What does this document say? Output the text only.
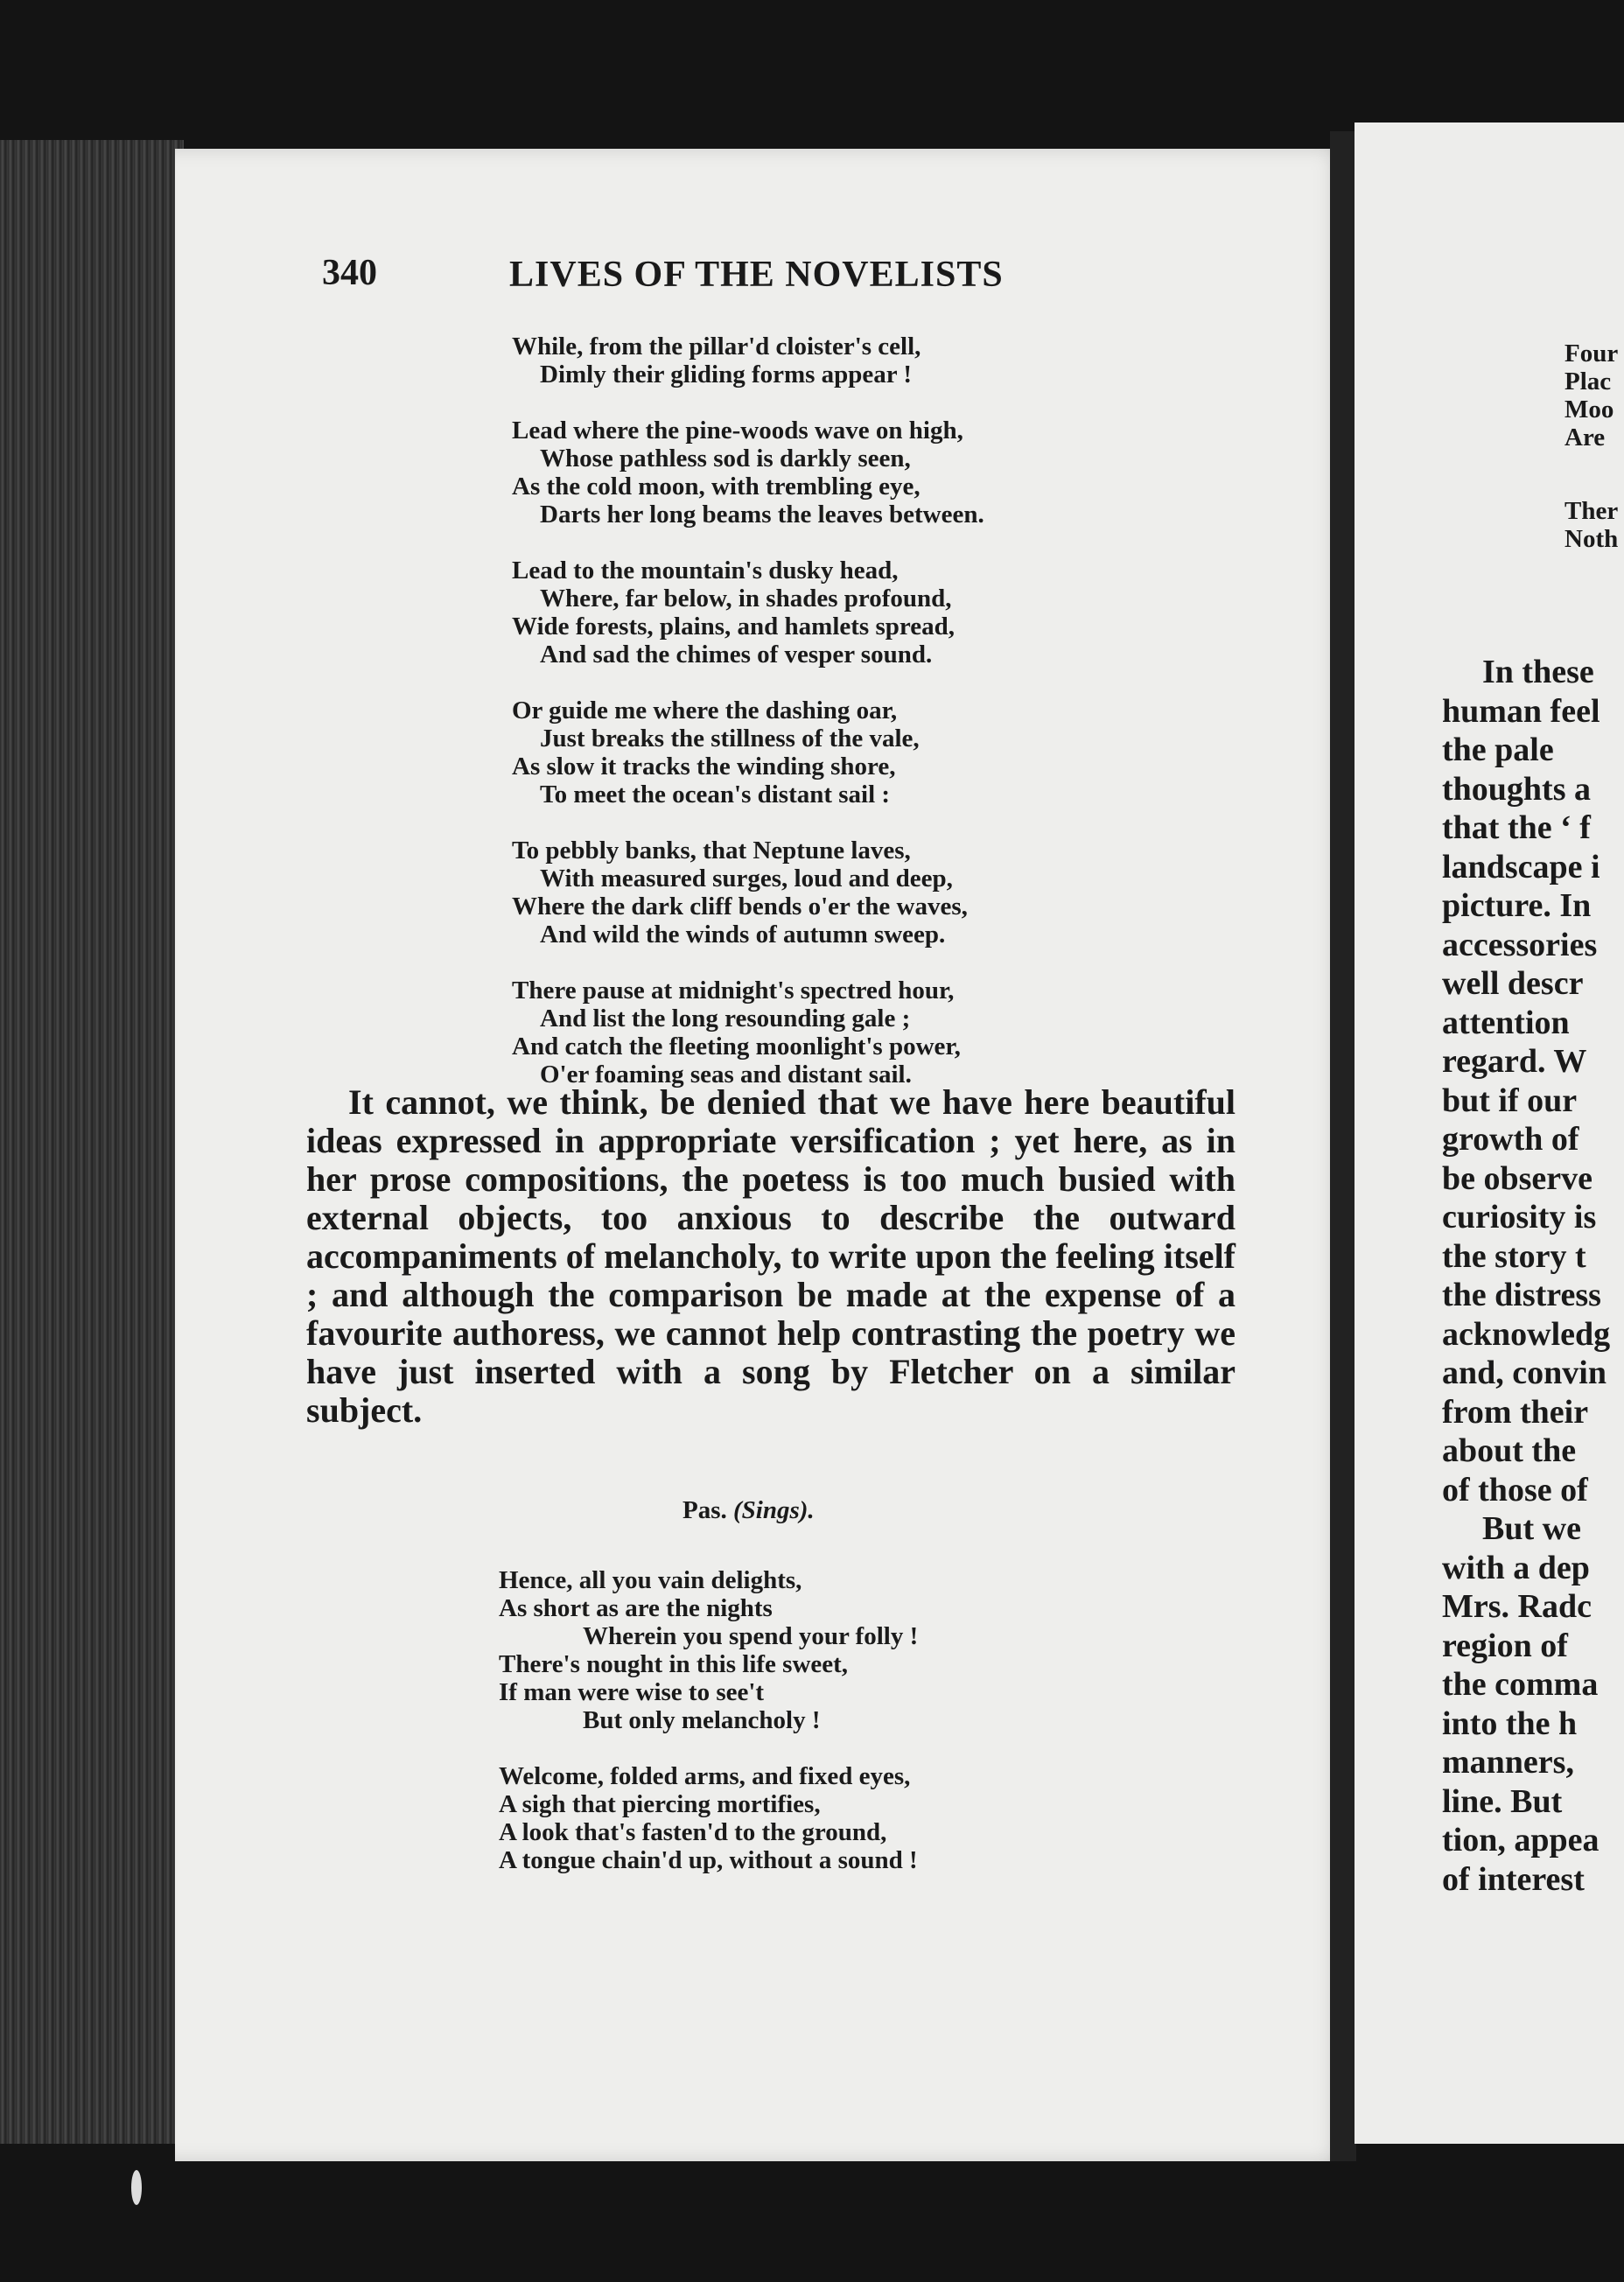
340	LIVES OF THE NOVELISTS
While, from the pillar'd cloister's cell,
Dimly their gliding forms appear !
Lead where the pine-woods wave on high,
Whose pathless sod is darkly seen,
As the cold moon, with trembling eye,
Darts her long beams the leaves between.
Lead to the mountain's dusky head,
Where, far below, in shades profound,
Wide forests, plains, and hamlets spread,
And sad the chimes of vesper sound.
Or guide me where the dashing oar,
Just breaks the stillness of the vale,
As slow it tracks the winding shore,
To meet the ocean's distant sail :
To pebbly banks, that Neptune laves,
With measured surges, loud and deep,
Where the dark cliff bends o'er the waves,
And wild the winds of autumn sweep.
There pause at midnight's spectred hour,
And list the long resounding gale ;
And catch the fleeting moonlight's power,
O'er foaming seas and distant sail.
It cannot, we think, be denied that we have here beautiful ideas expressed in appropriate versification ; yet here, as in her prose compositions, the poetess is too much busied with external objects, too anxious to describe the outward accompaniments of melancholy, to write upon the feeling itself ; and although the comparison be made at the expense of a favourite authoress, we cannot help contrasting the poetry we have just inserted with a song by Fletcher on a similar subject.
Pas. (Sings).
Hence, all you vain delights,
As short as are the nights
Wherein you spend your folly !
There's nought in this life sweet,
If man were wise to see't
But only melancholy !
Welcome, folded arms, and fixed eyes,
A sigh that piercing mortifies,
A look that's fasten'd to the ground,
A tongue chain'd up, without a sound !
Four
Plac
Moo
Are
Ther
Noth
In these
human feel
the pale
thoughts a
that the ‘ f
landscape i
picture. In
accessories
well descr
attention
regard. W
but if our
growth of
be observe
curiosity is
the story t
the distress
acknowledg
and, convin
from their
about the
of those of
But we
with a dep
Mrs. Radc
region of
the comma
into the h
manners,
line. But
tion, appea
of interest
